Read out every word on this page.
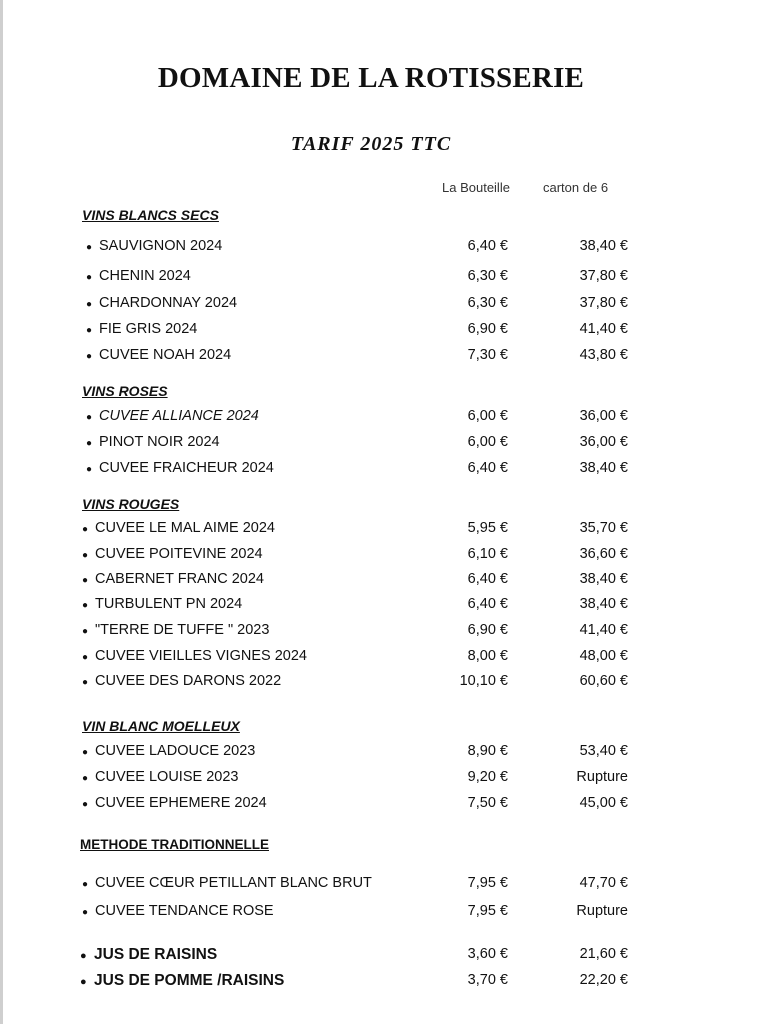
DOMAINE DE LA ROTISSERIE
TARIF 2025 TTC
La Bouteille	carton de 6
VINS BLANCS SECS
● SAUVIGNON 2024	6,40 €	38,40 €
● CHENIN 2024	6,30 €	37,80 €
● CHARDONNAY 2024	6,30 €	37,80 €
● FIE GRIS 2024	6,90 €	41,40 €
● CUVEE NOAH 2024	7,30 €	43,80 €
VINS ROSES
● CUVEE ALLIANCE 2024	6,00 €	36,00 €
● PINOT NOIR 2024	6,00 €	36,00 €
● CUVEE FRAICHEUR 2024	6,40 €	38,40 €
VINS ROUGES
● CUVEE LE MAL AIME 2024	5,95 €	35,70 €
● CUVEE POITEVINE 2024	6,10 €	36,60 €
● CABERNET FRANC 2024	6,40 €	38,40 €
● TURBULENT PN 2024	6,40 €	38,40 €
● "TERRE DE TUFFE " 2023	6,90 €	41,40 €
● CUVEE VIEILLES VIGNES 2024	8,00 €	48,00 €
● CUVEE DES DARONS 2022	10,10 €	60,60 €
VIN BLANC MOELLEUX
● CUVEE LADOUCE 2023	8,90 €	53,40 €
● CUVEE LOUISE 2023	9,20 €	Rupture
● CUVEE EPHEMERE 2024	7,50 €	45,00 €
METHODE TRADITIONNELLE
● CUVEE CŒUR PETILLANT BLANC BRUT	7,95 €	47,70 €
● CUVEE TENDANCE ROSE	7,95 €	Rupture
● JUS DE RAISINS	3,60 €	21,60 €
● JUS DE POMME /RAISINS	3,70 €	22,20 €
